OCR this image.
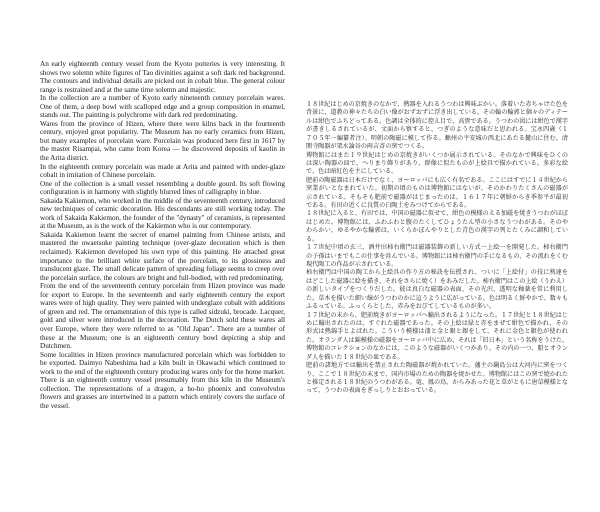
An early eighteenth century vessel from the Kyoto potteries is very interesting. It shows two solemn white figures of Tao divinities against a soft dark red background. The contours and individual details are picked out in cobalt blue. The general colour range is restrained and at the same time solemn and majestic.

In the collection are a number of Kyoto early nineteenth century porcelain wares. One of them, a deep bowl with scalloped edge and a group composition in enamel, stands out. The painting is polychrome with dark red predominating.

Wares from the province of Hizen, where there were kilns back in the fourteenth century, enjoyed great popularity. The Museum has no early ceramics from Hizen, but many examples of porcelain ware. Porcelain was produced here first in 1617 by the master Risampai, who came from Korea — he discovered deposits of kaolin in the Arita district.

In the eighteenth century porcelain was made at Arita and painted with under-glaze cobalt in imitation of Chinese porcelain.

One of the collection is a small vessel resembling a double gourd. Its soft flowing configuration is in harmony with slightly blurred lines of calligraphy in blue.

Sakaida Kakiemon, who worked in the middle of the seventeenth century, introduced new techniques of ceramic decoration. His descendants are still working today. The work of Sakaida Kakiemon, the founder of the "dynasty" of ceramists, is represented at the Museum, as is the work of the Kakiemon who is our contemporary.

Sakaida Kakiemon learnt the secret of enamel painting from Chinese artists, and mastered the uwaetsuke painting technique (over-glaze decoration which is then reclaimed). Kakiemon developed his own type of this painting. He attached great importance to the brilliant white surface of the porcelain, to its glossiness and translucent glaze. The small delicate pattern of spreading foliage seems to creep over the porcelain surface, the colours are bright and full-bodied, with red predominating.

From the end of the seventeenth century porcelain from Hizen province was made for export to Europe. In the seventeenth and early eighteenth century the export wares were of high quality. They were painted with underglaze cobalt with additions of green and red. The ornamentation of this type is called sidzuki, brocade. Lacquer, gold and silver were introduced in the decoration. The Dutch sold these wares all over Europe, where they were referred to as "Old Japan". There are a number of these at the Museum; one is an eighteenth century bowl depicting a ship and Dutchmen.

Some localities in Hizen province manufactured porcelain which was forbidden to be exported. Daimyo Nabeshima had a kiln built in Okawachi which continued to work to the end of the eighteenth century producing wares only for the home market. There is an eighteenth century vessel presumably from this kiln in the Museum's collection. The representations of a dragon, a ho-ho phoenix and convolvulus flowers and grasses are intertwined in a pattern which entirely covers the surface of the vessel.

１８世紀はじめの京焼きのなかで、熱器を入れるうつわは興味ぶかい。落着いた赤ちゃけた色を背景に、道教の神々たちの白い像がおずおずに浮き出している。その輪の輪郭と個々のディテールは紺色でふちどってある。色調は全体的に控え目で、高貴である。うつわの図には紺色で漢字が書きしるされているが、文面から察すると、つぎのような意味だと思われる。宝永四歳（１７０５年一編纂者注）。明朝の陶磁に模して作る。蝋州の平安城の西北にあたる麓山に住む。清閑寺陶器が架水論谷の両吉斉の窯でつくる。

博物館にはまた１９世紀はじめの京焼きがいくつか展示されている。そのなかで興味をひくのは深い陶器の皿で、へりまり飾りがあり、群像に似たものが上絵具で描かれている。多彩な絵で、色は暗紅色を主にしている。

肥前の陶磁器は日本だけでなく、ヨーロッパにも広く有名である。ここにはすでに１４世紀から窯業がいとなまれていた。初期の頃のものは博物館にはないが、そのかわりたくさんの磁器が示されている。そもそも肥前で磁器がはじまったのは、１６１７年に朝鮮からき季参平が最初である。有田の近くに良質の白陶土をみつけてからである。

１８世紀に入ると、有田では、中国の磁器に似せて、紺色の模様のえる加磁を焼きうつわがほぼはじめた。博物館には、ふわふわと腹のたくしてひょうたん型の小さなうつわがある。そのやわらかい、ゆるやかな輪郭は、いくらかぼんやりとした青色の漢字の列とたくみに調和している。

１７世紀中頃の玄三、酒井田柿右衛門は磁器装飾の新しい方式一上絵一を開発した。柿右衛門の子孫はいまでもこの仕事を営んでいる。博物館には柿右衛門の手になるもの、その流れをくむ現代陶工の作品が示されている。

柿右衛門は中国の陶工から上絵具の作り方の秘訣を伝授され、ついに「上絵付」の技に熟達をはどこした磁器に絵を描き、それをさらに焼く）をあみだした。柿右衛門はこの上絵（うわえ）の新しいタイプをつくりだした。彼は真白な磁器の表面、その光沢、透明な釉薬を常に利用した。草木を描いた細い線がうつわのかに這うように広がっている。色は明るく鮮やかで、数々もふるっている。ふっくらとした、赤みをおびてしているものが多い。

１７世紀の末から、肥前焼きがヨーロッパへ輸出されるようになった。１７世紀と１８世紀はじめに輸出されたのは、すぐれた磁器であった。その上絵は緑と赤をまぜて紺色で描かれ、その形式は熱錦手とよばれた。こういう模様は漆と金と銀と銀をして、それに金色と銀色が使われた。オランダ人は錦模様の磁器をヨーロッパ中に広め、それは「旧日本」という名称をうけた。博物館のコレクションのなかには、このような磁器がいくつかあり、その内の一つ、船とオランダ人を描いた１８世紀の皿である。

肥前の諸地方では輸出を禁止された陶磁器が焼かれていた。藩主の鍋島公は大河内に窯をつくり、ここで１８世紀の末まで、国内市場のための陶器を焼かせた。博物館にはこの窯で焼かれたと推定される１８世紀のうつわがある。竜、鳳の鳥、からみあった花と草がともに唐草模様となって、うつわの表面をぎっしりとおおっている。
